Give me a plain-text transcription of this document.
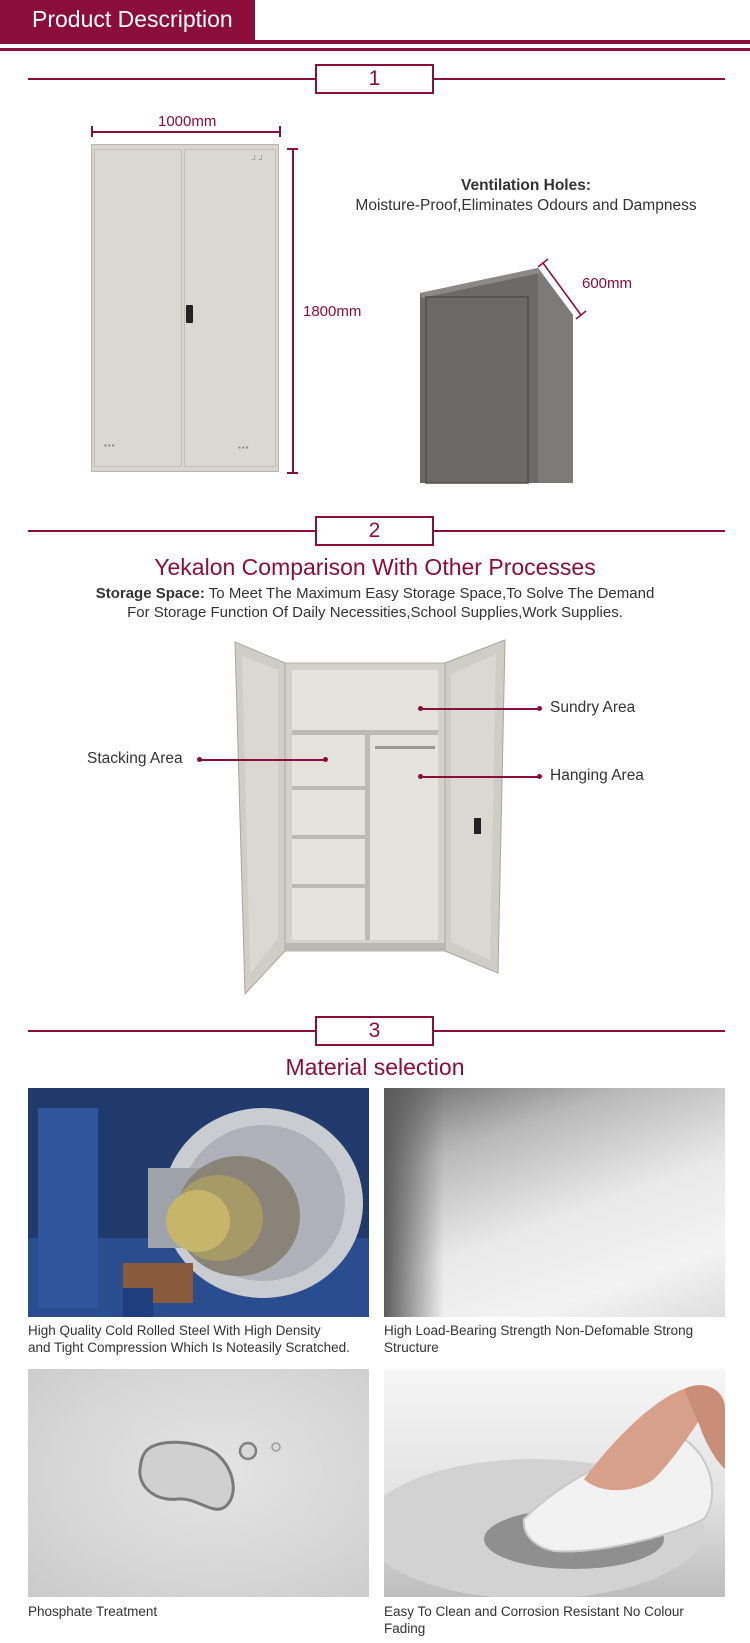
Product Description
1
1000mm
▪▪▪	▪▪▪
┘┘
1800mm
Ventilation Holes:
Moisture-Proof,Eliminates Odours and Dampness
600mm
2
Yekalon Comparison With Other Processes
Storage Space: To Meet The Maximum Easy Storage Space,To Solve The Demand
For Storage Function Of Daily Necessities,School Supplies,Work Supplies.
Sundry Area
Stacking Area
Hanging Area
3
Material selection
High Quality Cold Rolled Steel With High Density
and Tight Compression Which Is Noteasily Scratched.
High Load-Bearing Strength Non-Defomable Strong
Structure
Phosphate Treatment	Easy To Clean and Corrosion Resistant No Colour
Fading
